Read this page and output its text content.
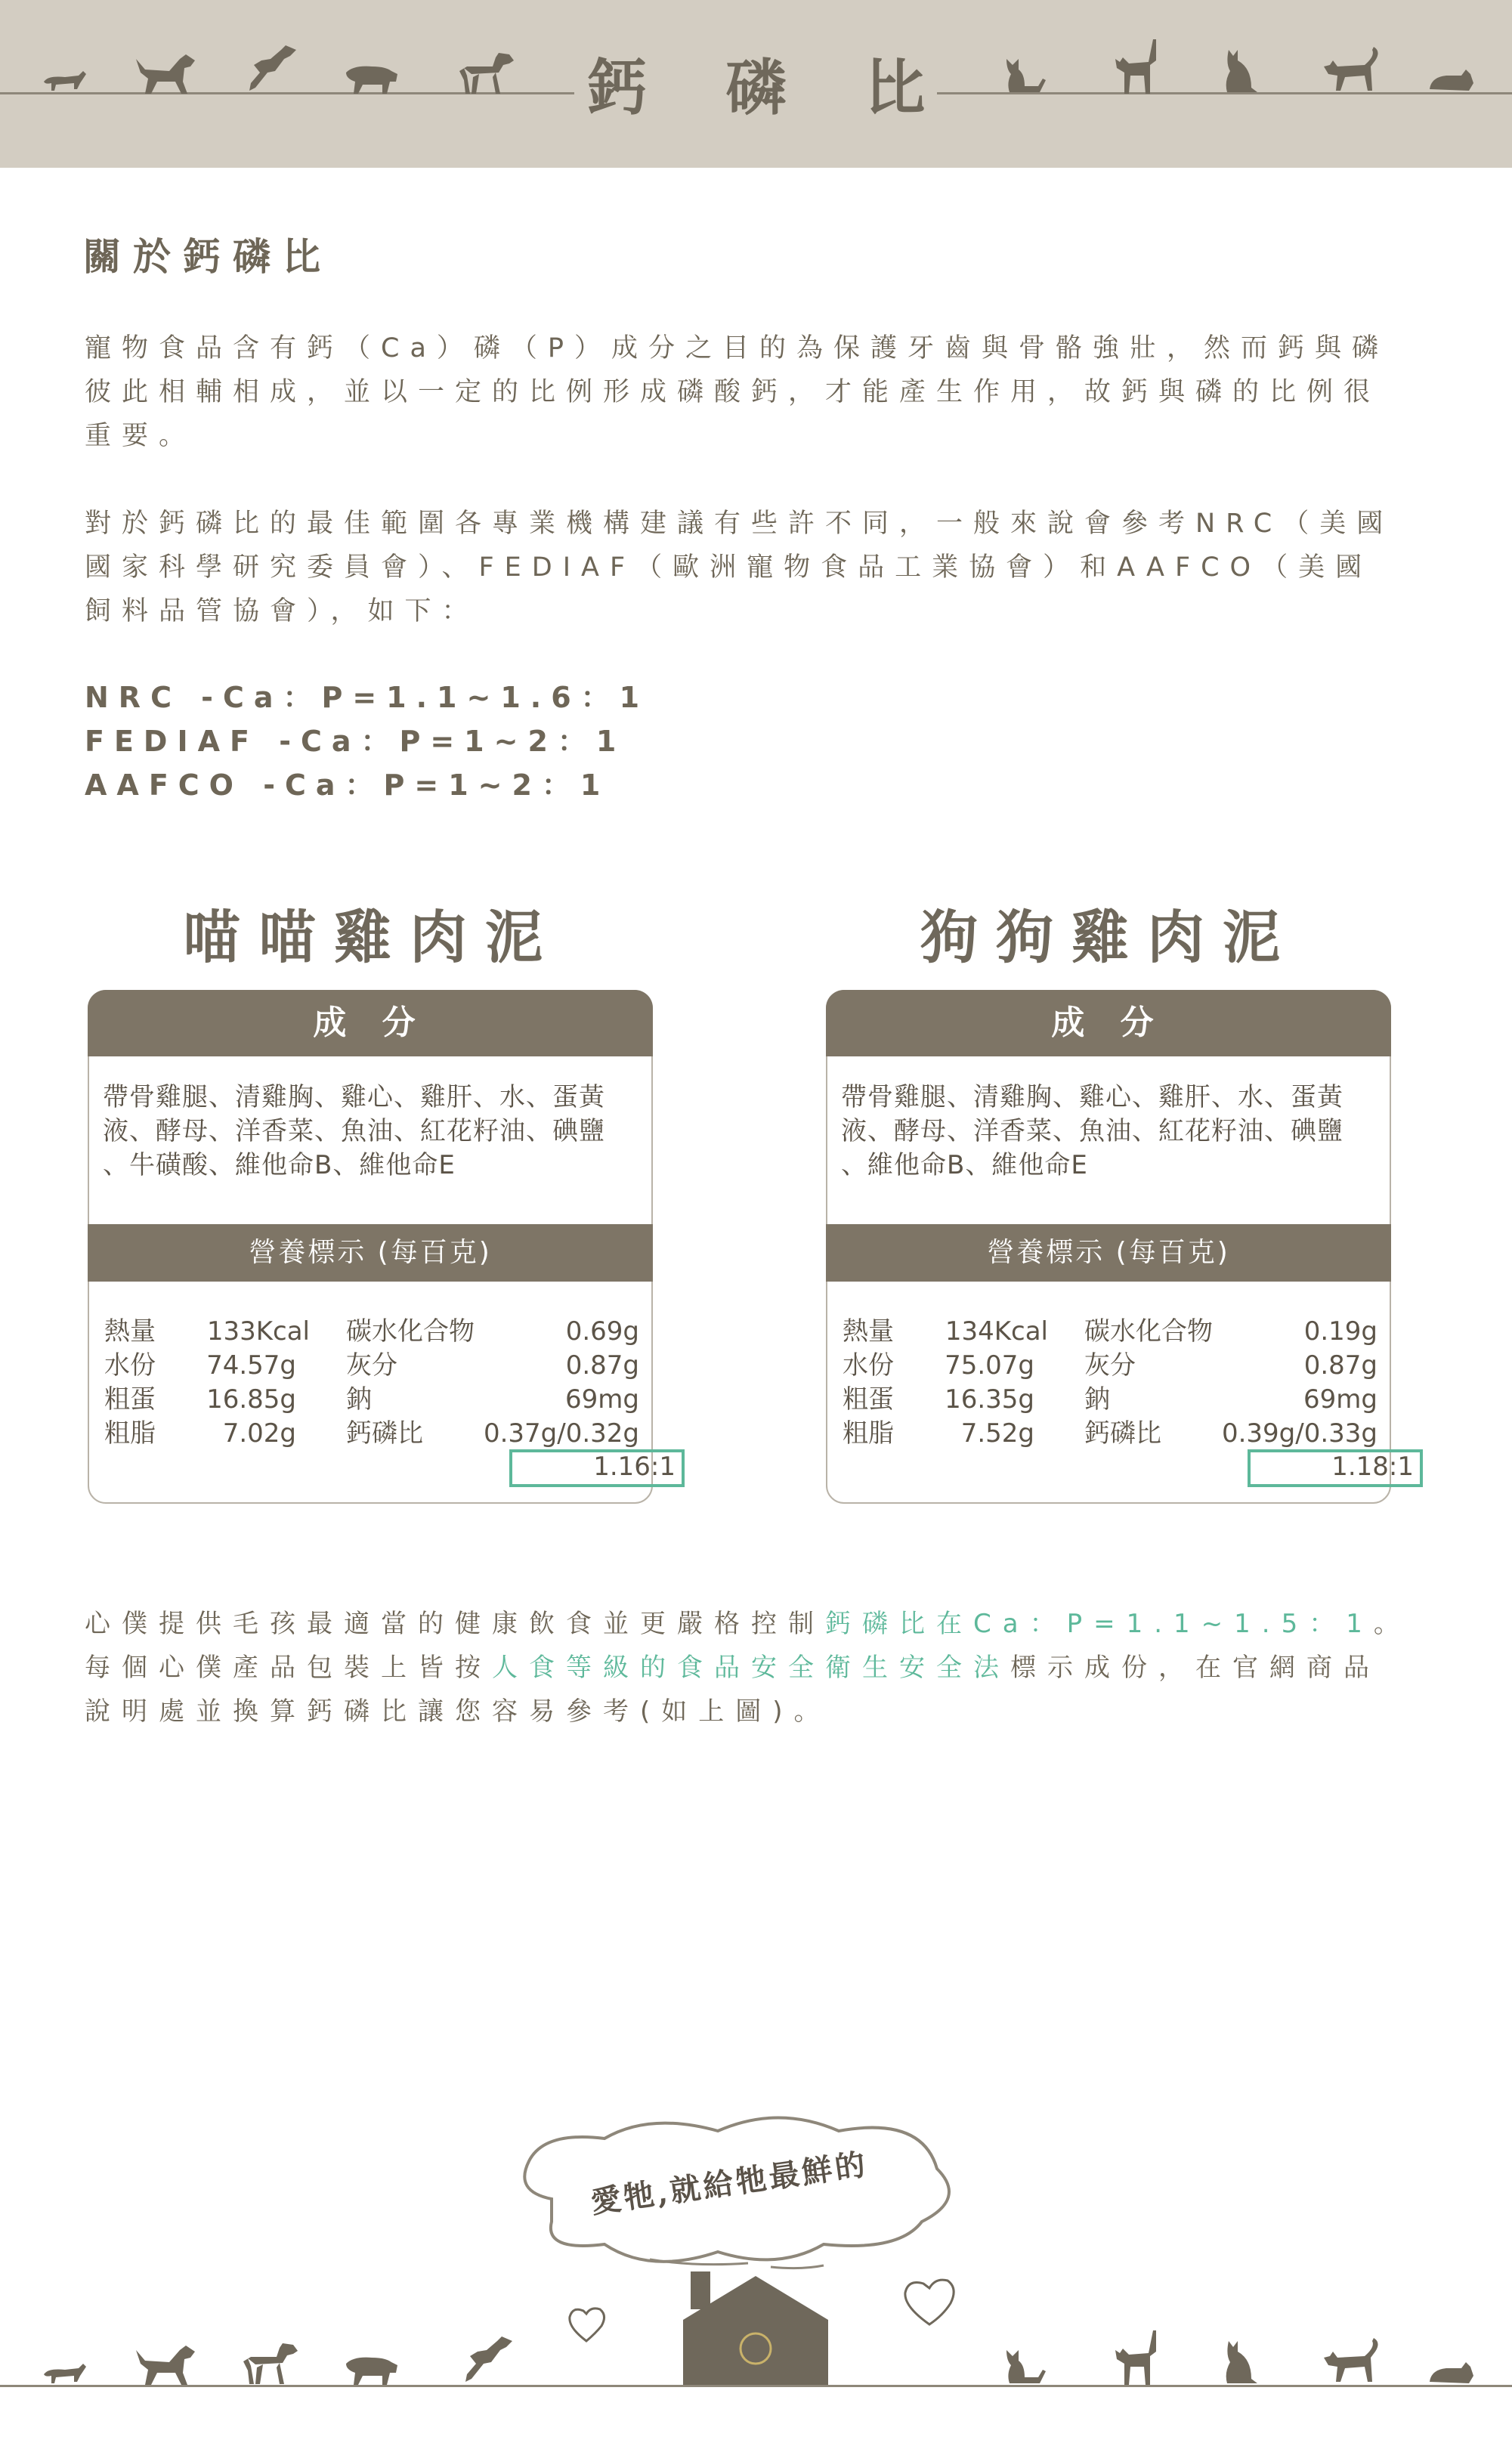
鈣 磷 比
關於鈣磷比
寵物食品含有鈣（Ca）磷（P）成分之目的為保護牙齒與骨骼強壯，然而鈣與磷
彼此相輔相成，並以一定的比例形成磷酸鈣，才能產生作用，故鈣與磷的比例很
重要。
對於鈣磷比的最佳範圍各專業機構建議有些許不同，一般來說會參考NRC（美國
國家科學研究委員會）、FEDIAF（歐洲寵物食品工業協會）和AAFCO（美國
飼料品管協會），如下：
NRC -Ca：P=1.1~1.6：1
FEDIAF -Ca：P=1~2：1
AAFCO -Ca：P=1~2：1
喵喵雞肉泥	狗狗雞肉泥
成 分
帶骨雞腿、清雞胸、雞心、雞肝、水、蛋黃
液、酵母、洋香菜、魚油、紅花籽油、碘鹽
、牛磺酸、維他命B、維他命E
營養標示 (每百克)
熱量
水份
粗蛋
粗脂
133Kcal
74.57g
16.85g
7.02g
碳水化合物
灰分
鈉
鈣磷比
0.69g
0.87g
69mg
0.37g/0.32g
1.16:1
成 分
帶骨雞腿、清雞胸、雞心、雞肝、水、蛋黃
液、酵母、洋香菜、魚油、紅花籽油、碘鹽
、維他命B、維他命E
營養標示 (每百克)
熱量
水份
粗蛋
粗脂
134Kcal
75.07g
16.35g
7.52g
碳水化合物
灰分
鈉
鈣磷比
0.19g
0.87g
69mg
0.39g/0.33g
1.18:1
心僕提供毛孩最適當的健康飲食並更嚴格控制鈣磷比在Ca：P=1.1~1.5：1。
每個心僕產品包裝上皆按人食等級的食品安全衛生安全法標示成份，在官網商品
說明處並換算鈣磷比讓您容易參考(如上圖)。
愛牠,就給牠最鮮的
